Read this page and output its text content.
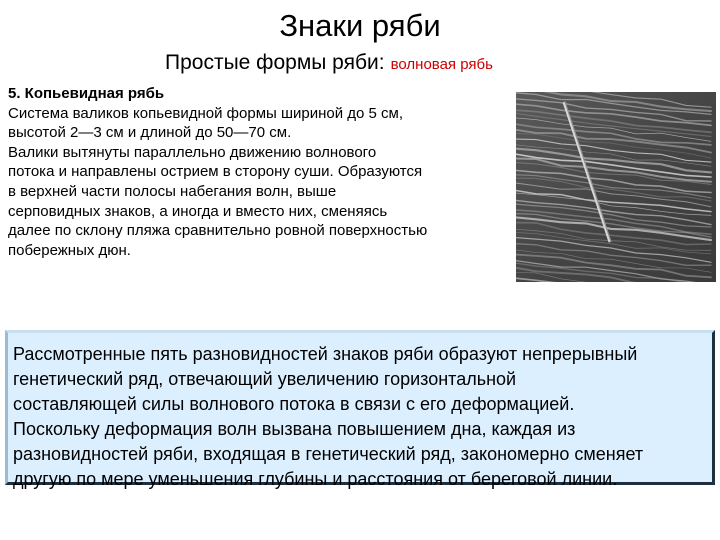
Знаки ряби
Простые формы ряби: волновая рябь
5. Копьевидная рябь
Система валиков копьевидной формы шириной до 5 см,
высотой 2—3 см и длиной до 50—70 см.
Валики вытянуты параллельно движению волнового
потока и направлены острием в сторону суши. Образуются
в верхней части полосы набегания волн, выше
серповидных знаков, а иногда и вместо них, сменяясь
далее по склону пляжа сравнительно ровной поверхностью
побережных дюн.
Рассмотренные пять разновидностей знаков ряби образуют непрерывный
генетический ряд, отвечающий увеличению горизонтальной
составляющей силы волнового потока в связи с его деформацией.
Поскольку деформация волн вызвана повышением дна, каждая из
разновидностей ряби, входящая в генетический ряд, закономерно сменяет
другую по мере уменьшения глубины и расстояния от береговой линии.
